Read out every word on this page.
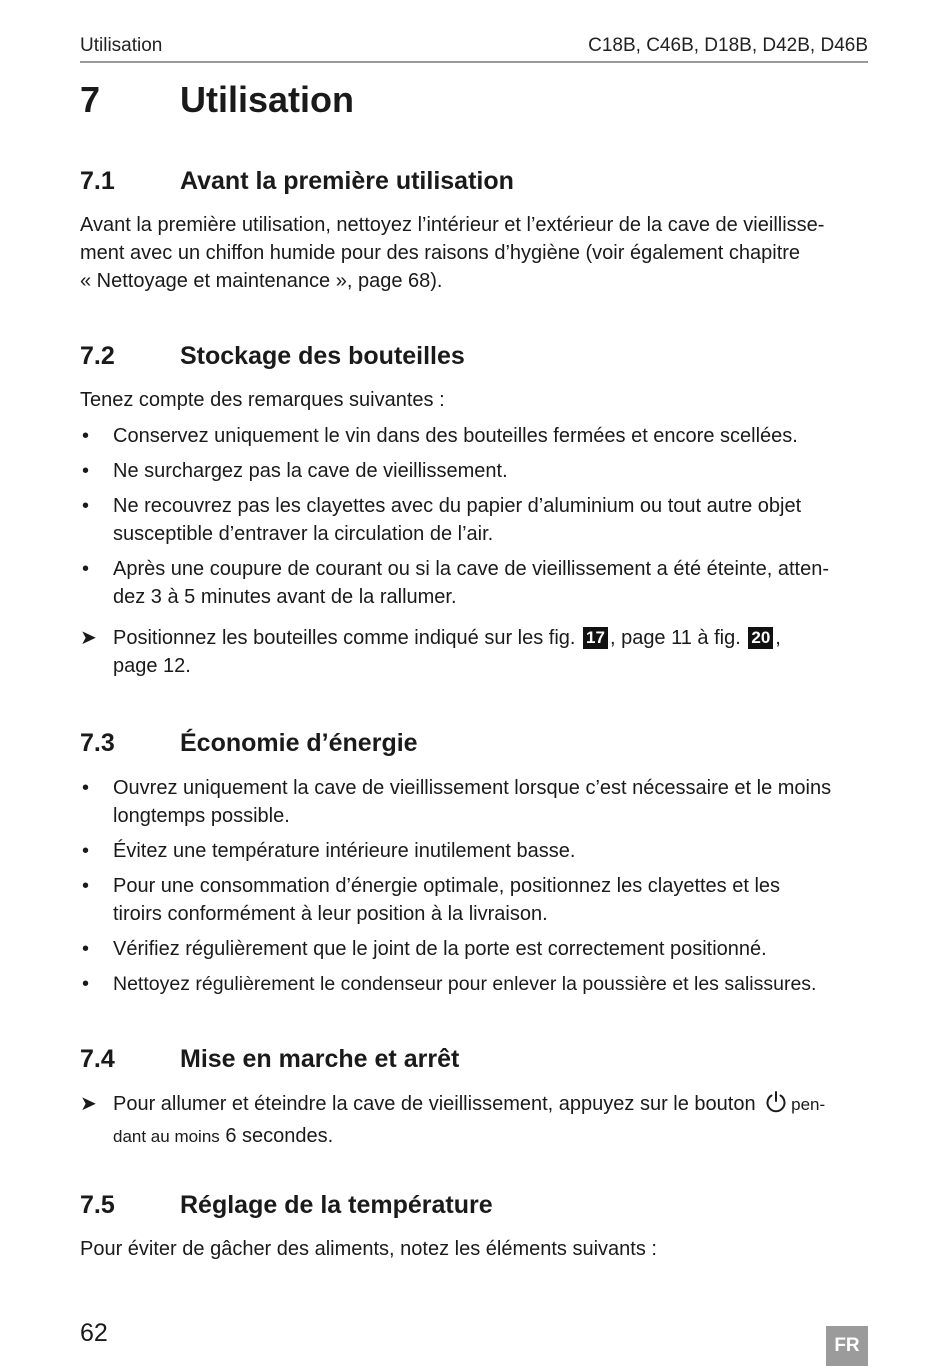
Utilisation	C18B, C46B, D18B, D42B, D46B
7 Utilisation
7.1	Avant la première utilisation

Avant la première utilisation, nettoyez l’intérieur et l’extérieur de la cave de vieillisse-

ment avec un chiffon humide pour des raisons d’hygiène (voir également chapitre

« Nettoyage et maintenance », page 68).

7.2	Stockage des bouteilles

Tenez compte des remarques suivantes :

• Conservez uniquement le vin dans des bouteilles fermées et encore scellées.
• Ne surchargez pas la cave de vieillissement.
• Ne recouvrez pas les clayettes avec du papier d’aluminium ou tout autre objet
susceptible d’entraver la circulation de l’air.
• Après une coupure de courant ou si la cave de vieillissement a été éteinte, atten-
dez 3 à 5 minutes avant de la rallumer.
➤ Positionnez les bouteilles comme indiqué sur les fig. 17 , page 11 à fig. 20 ,
page 12.
7.3	Économie d’énergie
• Ouvrez uniquement la cave de vieillissement lorsque c’est nécessaire et le moins
longtemps possible.
• Évitez une température intérieure inutilement basse.
• Pour une consommation d’énergie optimale, positionnez les clayettes et les
tiroirs conformément à leur position à la livraison.
• Vérifiez régulièrement que le joint de la porte est correctement positionné.
• Nettoyez régulièrement le condenseur pour enlever la poussière et les salissures.
7.4	Mise en marche et arrêt
➤ Pour allumer et éteindre la cave de vieillissement, appuyez sur le bouton pen-
dant au moins 6 secondes.
7.5	Réglage de la température

Pour éviter de gâcher des aliments, notez les éléments suivants :

62	FR
